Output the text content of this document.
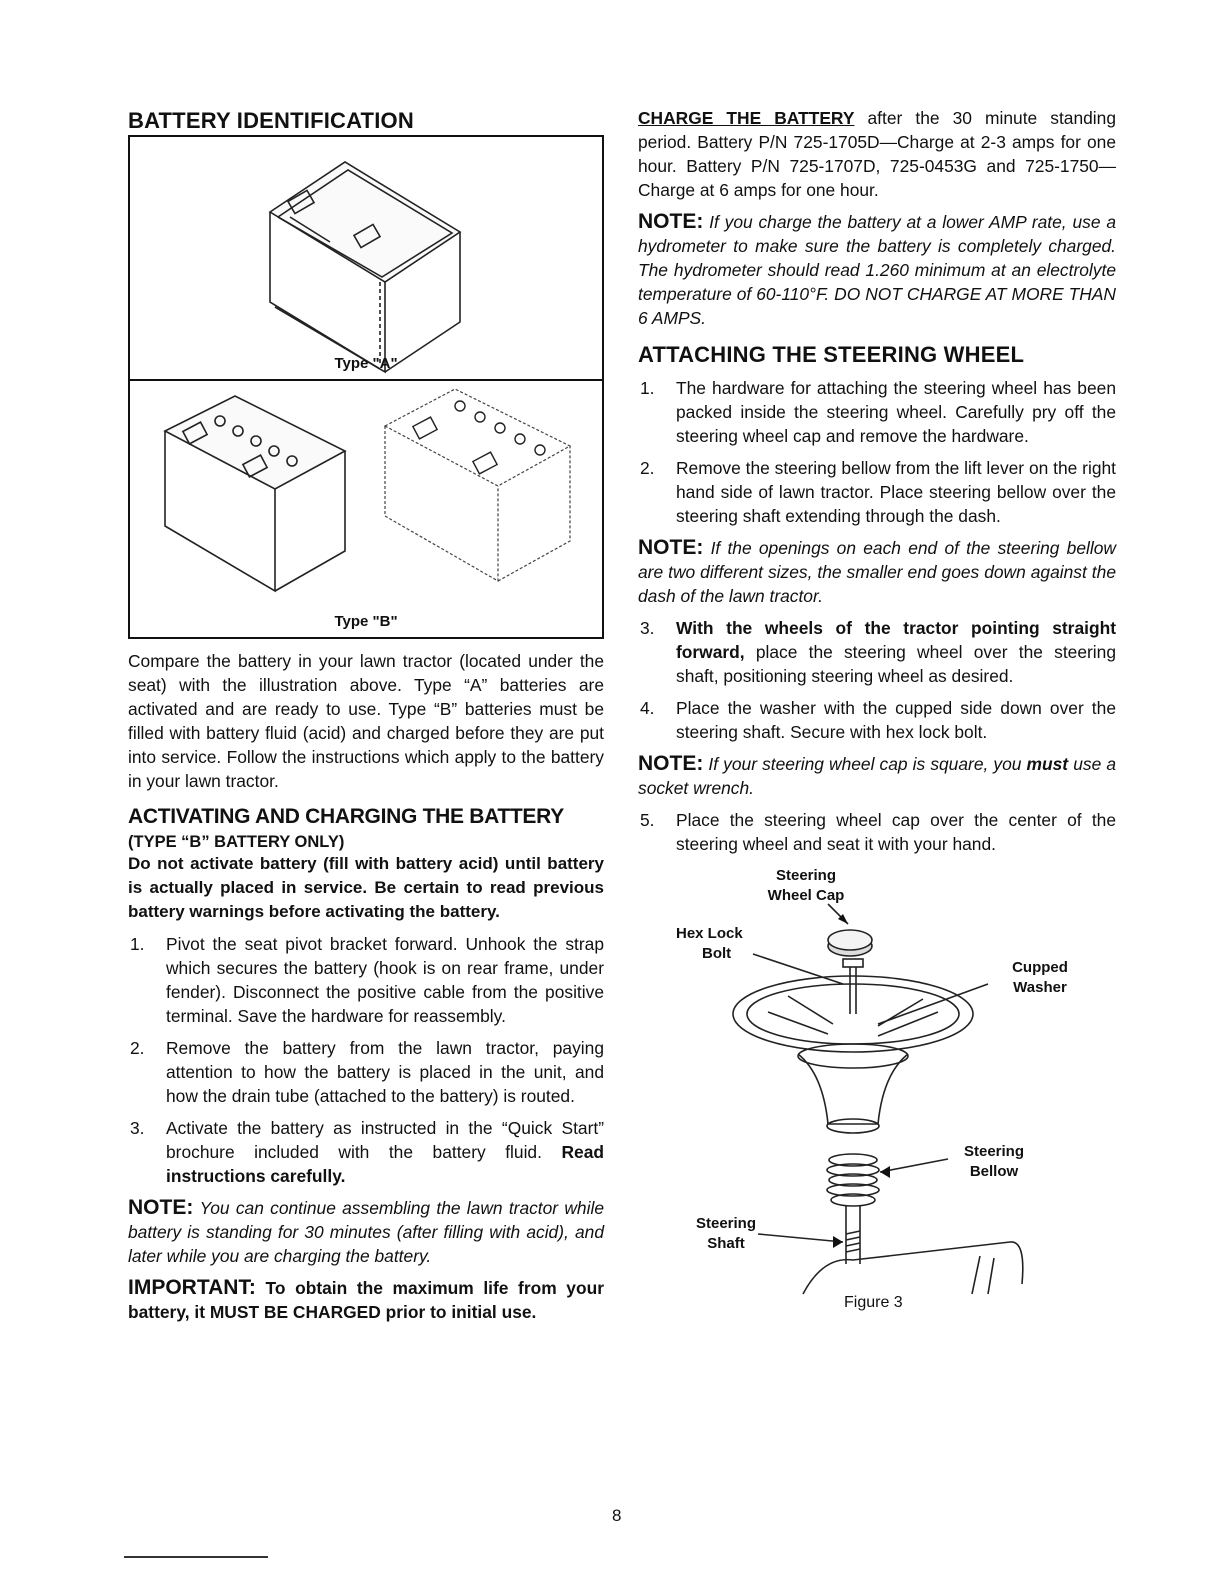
BATTERY IDENTIFICATION
Type "A"
Type "B"

Compare the battery in your lawn tractor (located under the seat) with the illustration above. Type “A” batteries are activated and are ready to use. Type “B” batteries must be filled with battery fluid (acid) and charged before they are put into service. Follow the instructions which apply to the battery in your lawn tractor.

ACTIVATING AND CHARGING THE BATTERY

(TYPE “B” BATTERY ONLY)

Do not activate battery (fill with battery acid) until battery is actually placed in service. Be certain to read previous battery warnings before activating the battery.

1. Pivot the seat pivot bracket forward. Unhook the strap which secures the battery (hook is on rear frame, under fender). Disconnect the positive cable from the positive terminal. Save the hardware for reassembly.
2. Remove the battery from the lawn tractor, paying attention to how the battery is placed in the unit, and how the drain tube (attached to the battery) is routed.
3. Activate the battery as instructed in the “Quick Start” brochure included with the battery fluid. Read instructions carefully.

NOTE: You can continue assembling the lawn tractor while battery is standing for 30 minutes (after filling with acid), and later while you are charging the battery.

IMPORTANT: To obtain the maximum life from your battery, it MUST BE CHARGED prior to initial use.

CHARGE THE BATTERY after the 30 minute standing period. Battery P/N 725-1705D—Charge at 2-3 amps for one hour. Battery P/N 725-1707D, 725-0453G and 725-1750—Charge at 6 amps for one hour.

NOTE: If you charge the battery at a lower AMP rate, use a hydrometer to make sure the battery is completely charged. The hydrometer should read 1.260 minimum at an electrolyte temperature of 60-110°F. DO NOT CHARGE AT MORE THAN 6 AMPS.

ATTACHING THE STEERING WHEEL
1. The hardware for attaching the steering wheel has been packed inside the steering wheel. Carefully pry off the steering wheel cap and remove the hardware.
2. Remove the steering bellow from the lift lever on the right hand side of lawn tractor. Place steering bellow over the steering shaft extending through the dash.

NOTE: If the openings on each end of the steering bellow are two different sizes, the smaller end goes down against the dash of the lawn tractor.

3. With the wheels of the tractor pointing straight forward, place the steering wheel over the steering shaft, positioning steering wheel as desired.
4. Place the washer with the cupped side down over the steering shaft. Secure with hex lock bolt.

NOTE: If your steering wheel cap is square, you must use a socket wrench.

5. Place the steering wheel cap over the center of the steering wheel and seat it with your hand.
Steering
Wheel Cap
Hex Lock
Bolt
Cupped
Washer
Steering
Bellow
Steering
Shaft
Figure 3
8
